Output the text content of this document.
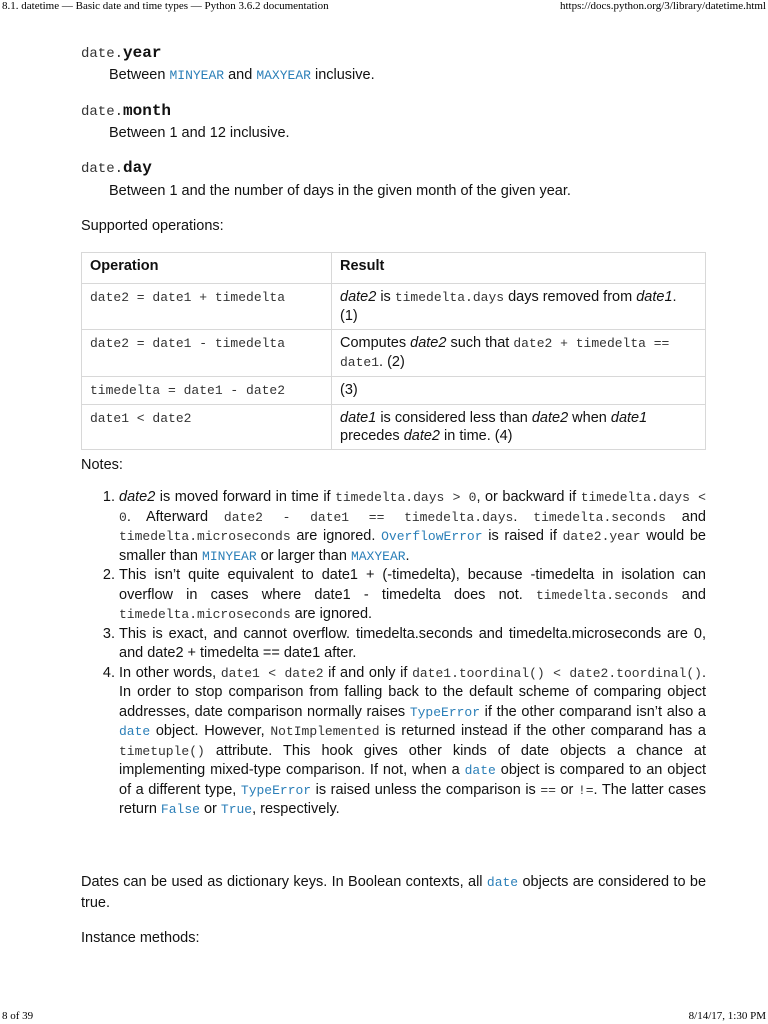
8.1. datetime — Basic date and time types — Python 3.6.2 documentation	https://docs.python.org/3/library/datetime.html
date.year
Between MINYEAR and MAXYEAR inclusive.
date.month
Between 1 and 12 inclusive.
date.day
Between 1 and the number of days in the given month of the given year.
Supported operations:
Operation	Result
date2 = date1 + timedelta	date2 is timedelta.days days removed from date1. (1)
date2 = date1 - timedelta	Computes date2 such that date2 + timedelta == date1. (2)
timedelta = date1 - date2	(3)
date1 < date2	date1 is considered less than date2 when date1 precedes date2 in time. (4)
Notes:
1. date2 is moved forward in time if timedelta.days > 0, or backward if timedelta.days < 0. Afterward date2 - date1 == timedelta.days. timedelta.seconds and timedelta.microseconds are ignored. OverflowError is raised if date2.year would be smaller than MINYEAR or larger than MAXYEAR.
2. This isn’t quite equivalent to date1 + (-timedelta), because -timedelta in isolation can overflow in cases where date1 - timedelta does not. timedelta.seconds and timedelta.microseconds are ignored.
3. This is exact, and cannot overflow. timedelta.seconds and timedelta.microseconds are 0, and date2 + timedelta == date1 after.
4. In other words, date1 < date2 if and only if date1.toordinal() < date2.toordinal(). In order to stop comparison from falling back to the default scheme of comparing object addresses, date comparison normally raises TypeError if the other comparand isn’t also a date object. However, NotImplemented is returned instead if the other comparand has a timetuple() attribute. This hook gives other kinds of date objects a chance at implementing mixed-type comparison. If not, when a date object is compared to an object of a different type, TypeError is raised unless the comparison is == or !=. The latter cases return False or True, respectively.
Dates can be used as dictionary keys. In Boolean contexts, all date objects are considered to be true.
Instance methods:
8 of 39	8/14/17, 1:30 PM
